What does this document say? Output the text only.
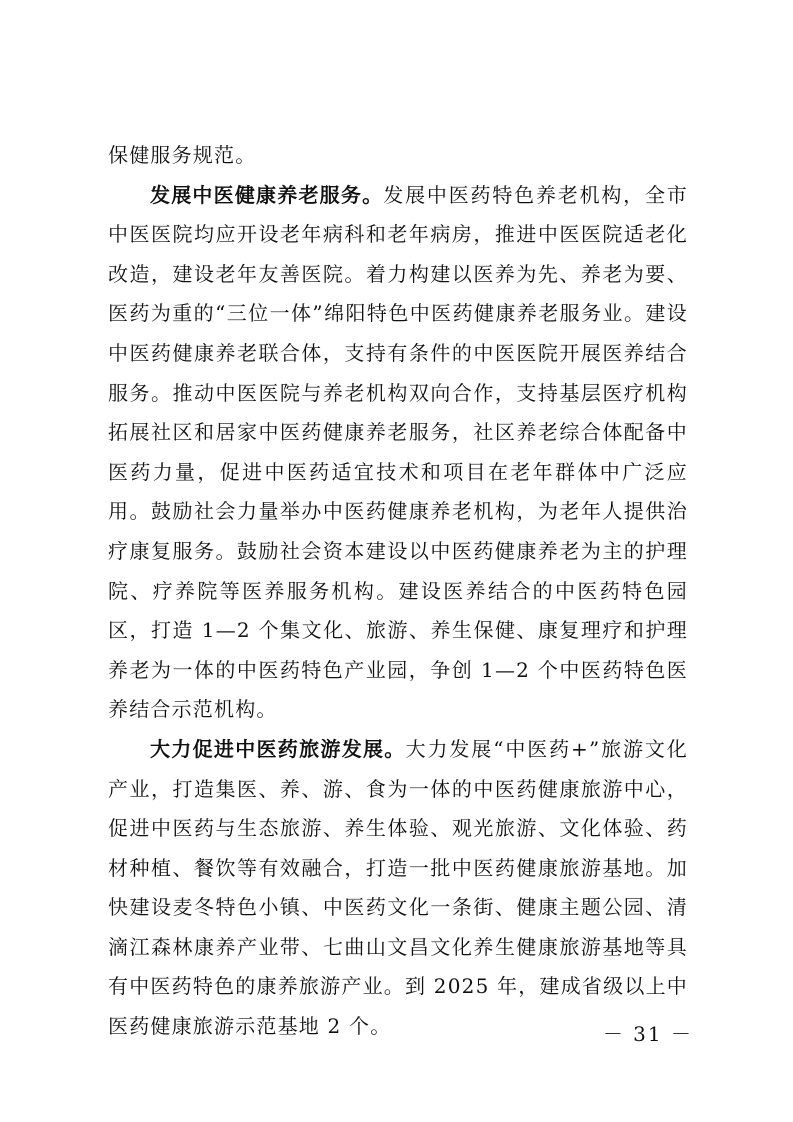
保健服务规范。

发展中医健康养老服务。发展中医药特色养老机构，全市中医医院均应开设老年病科和老年病房，推进中医医院适老化改造，建设老年友善医院。着力构建以医养为先、养老为要、医药为重的“三位一体”绵阳特色中医药健康养老服务业。建设中医药健康养老联合体，支持有条件的中医医院开展医养结合服务。推动中医医院与养老机构双向合作，支持基层医疗机构拓展社区和居家中医药健康养老服务，社区养老综合体配备中医药力量，促进中医药适宜技术和项目在老年群体中广泛应用。鼓励社会力量举办中医药健康养老机构，为老年人提供治疗康复服务。鼓励社会资本建设以中医药健康养老为主的护理院、疗养院等医养服务机构。建设医养结合的中医药特色园区，打造 1—2 个集文化、旅游、养生保健、康复理疗和护理养老为一体的中医药特色产业园，争创 1—2 个中医药特色医养结合示范机构。

大力促进中医药旅游发展。大力发展“中医药+”旅游文化产业，打造集医、养、游、食为一体的中医药健康旅游中心，促进中医药与生态旅游、养生体验、观光旅游、文化体验、药材种植、餐饮等有效融合，打造一批中医药健康旅游基地。加快建设麦冬特色小镇、中医药文化一条街、健康主题公园、清滴江森林康养产业带、七曲山文昌文化养生健康旅游基地等具有中医药特色的康养旅游产业。到 2025 年，建成省级以上中医药健康旅游示范基地 2 个。	－ 31 －
